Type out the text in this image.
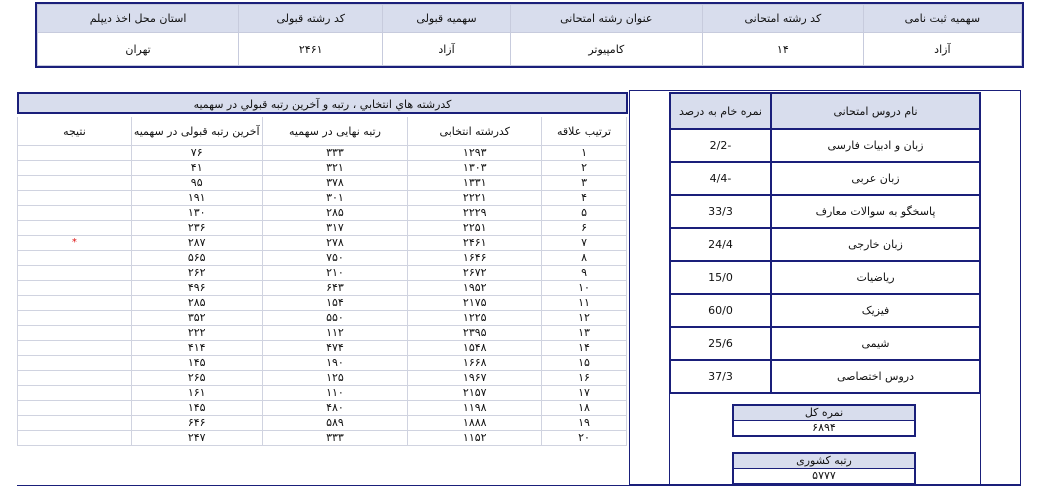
سهمیه ثبت نامی	کد رشته امتحانی	عنوان رشته امتحانی	سهمیه قبولی	کد رشته قبولی	استان محل اخذ دیپلم
آزاد	۱۴	کامپیوتر	آزاد	۲۴۶۱	تهران
کدرشته هاي انتخابي ، رتبه و آخرين رتبه قبولي در سهميه
ترتیب علاقه	کدرشته انتخابی	رتبه نهایی در سهمیه	آخرین رتبه قبولی در سهمیه	نتیجه
۱	۱۲۹۳	۳۳۳	۷۶	
۲	۱۳۰۳	۳۲۱	۴۱	
۳	۱۳۳۱	۳۷۸	۹۵	
۴	۲۲۲۱	۳۰۱	۱۹۱	
۵	۲۲۲۹	۲۸۵	۱۳۰	
۶	۲۲۵۱	۳۱۷	۲۳۶	
۷	۲۴۶۱	۲۷۸	۲۸۷	*
۸	۱۶۴۶	۷۵۰	۵۶۵	
۹	۲۶۷۲	۲۱۰	۲۶۲	
۱۰	۱۹۵۲	۶۴۳	۴۹۶	
۱۱	۲۱۷۵	۱۵۴	۲۸۵	
۱۲	۱۲۲۵	۵۵۰	۳۵۲	
۱۳	۲۳۹۵	۱۱۲	۲۲۲	
۱۴	۱۵۴۸	۴۷۴	۴۱۴	
۱۵	۱۶۶۸	۱۹۰	۱۴۵	
۱۶	۱۹۶۷	۱۲۵	۲۶۵	
۱۷	۲۱۵۷	۱۱۰	۱۶۱	
۱۸	۱۱۹۸	۴۸۰	۱۴۵	
۱۹	۱۸۸۸	۵۸۹	۶۴۶	
۲۰	۱۱۵۲	۳۳۳	۲۴۷	
نام دروس امتحانی	نمره خام به درصد
زبان و ادبیات فارسی	-2/2
زبان عربی	-4/4
پاسخگو به سوالات معارف	33/3
زبان خارجی	24/4
ریاضیات	15/0
فیزیک	60/0
شیمی	25/6
دروس اختصاصی	37/3
نمره کل
۶۸۹۴
رتبه کشوری
۵۷۷۷
